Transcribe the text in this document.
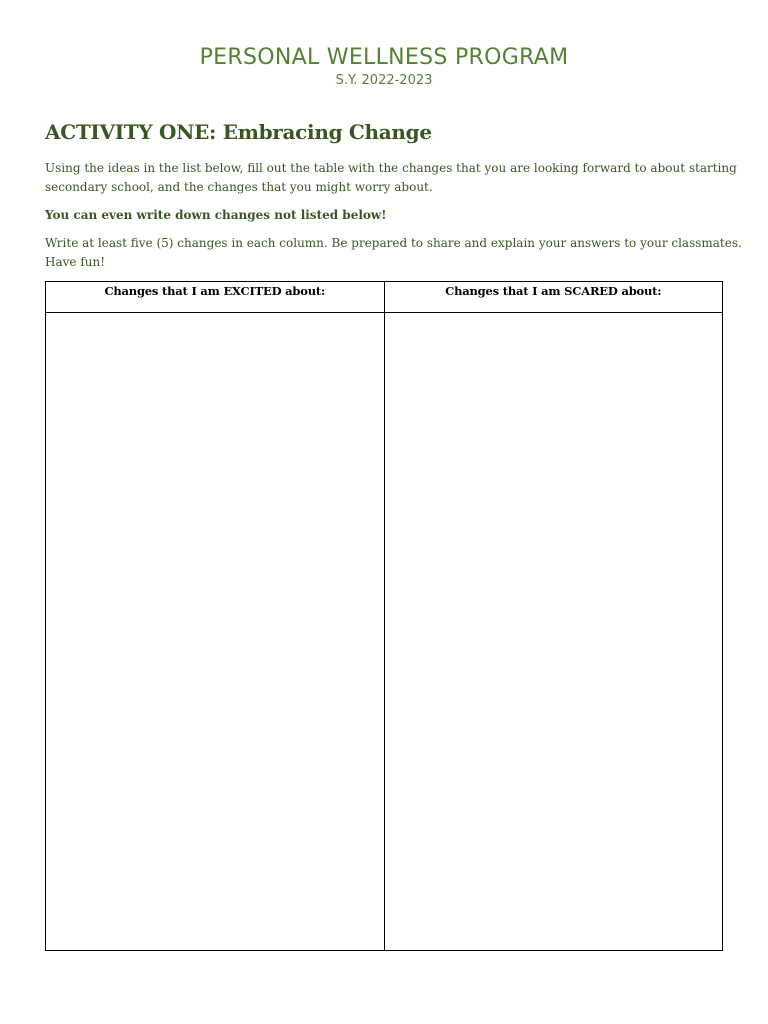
PERSONAL WELLNESS PROGRAM
S.Y. 2022-2023
ACTIVITY ONE: Embracing Change
Using the ideas in the list below, fill out the table with the changes that you are looking forward to about starting
secondary school, and the changes that you might worry about.
You can even write down changes not listed below!
Write at least five (5) changes in each column. Be prepared to share and explain your answers to your classmates.
Have fun!
Changes that I am EXCITED about:	Changes that I am SCARED about:
